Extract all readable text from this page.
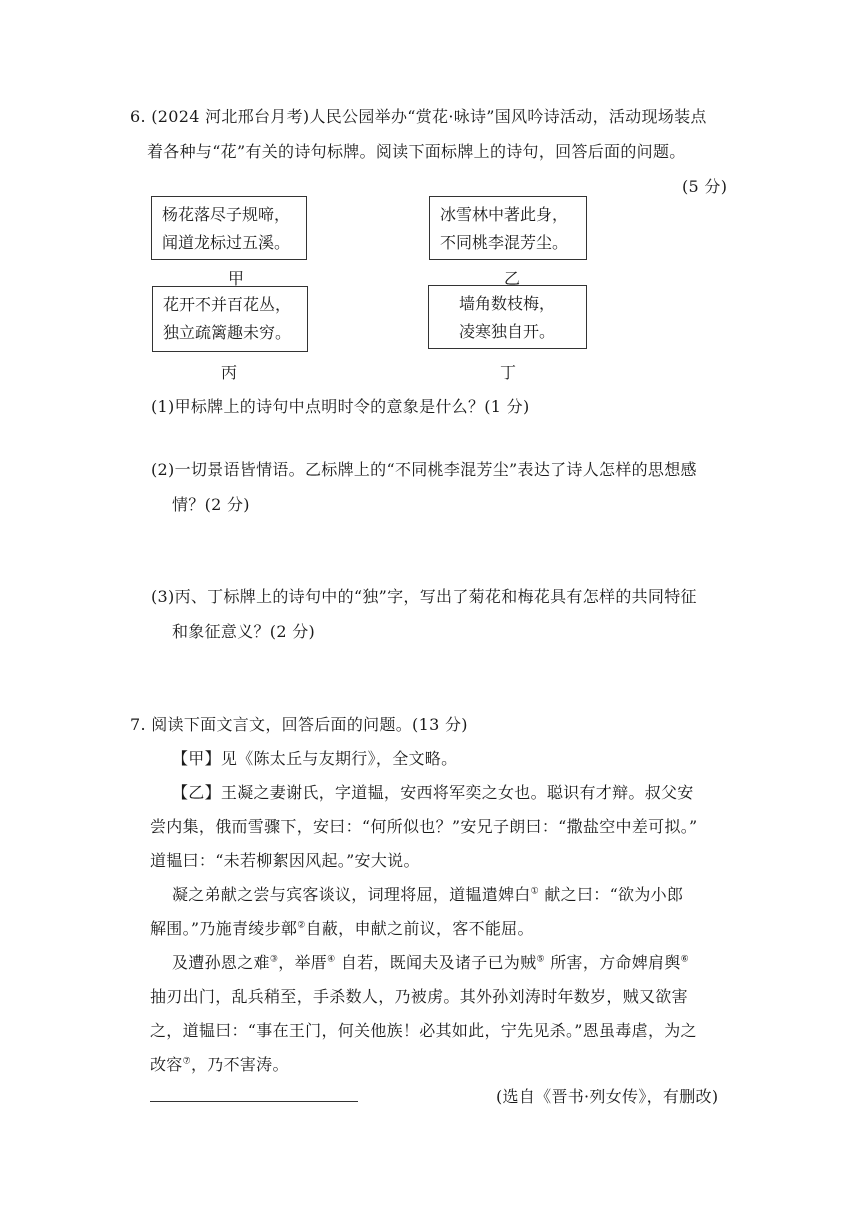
6. (2024 河北邢台月考)人民公园举办“赏花·咏诗”国风吟诗活动，活动现场装点
着各种与“花”有关的诗句标牌。阅读下面标牌上的诗句，回答后面的问题。
(5 分)
杨花落尽子规啼，
闻道龙标过五溪。
甲
冰雪林中著此身，
不同桃李混芳尘。
乙
花开不并百花丛，
独立疏篱趣未穷。
丙
墙角数枝梅，
凌寒独自开。
丁
(1)甲标牌上的诗句中点明时令的意象是什么？(1 分)
(2)一切景语皆情语。乙标牌上的“不同桃李混芳尘”表达了诗人怎样的思想感
情？(2 分)
(3)丙、丁标牌上的诗句中的“独”字，写出了菊花和梅花具有怎样的共同特征
和象征意义？(2 分)
7. 阅读下面文言文，回答后面的问题。(13 分)
【甲】见《陈太丘与友期行》，全文略。
【乙】王凝之妻谢氏，字道韫，安西将军奕之女也。聪识有才辩。叔父安
尝内集，俄而雪骤下，安曰：“何所似也？”安兄子朗曰：“撒盐空中差可拟。”
道韫曰：“未若柳絮因风起。”安大说。
凝之弟献之尝与宾客谈议，词理将屈，道韫遣婢白① 献之曰：“欲为小郎
解围。”乃施青绫步鄣②自蔽，申献之前议，客不能屈。
及遭孙恩之难③，举厝④ 自若，既闻夫及诸子已为贼⑤ 所害，方命婢肩舆⑥
抽刃出门，乱兵稍至，手杀数人，乃被虏。其外孙刘涛时年数岁，贼又欲害
之，道韫曰：“事在王门，何关他族！必其如此，宁先见杀。”恩虽毒虐，为之
改容⑦，乃不害涛。
(选自《晋书·列女传》，有删改)
